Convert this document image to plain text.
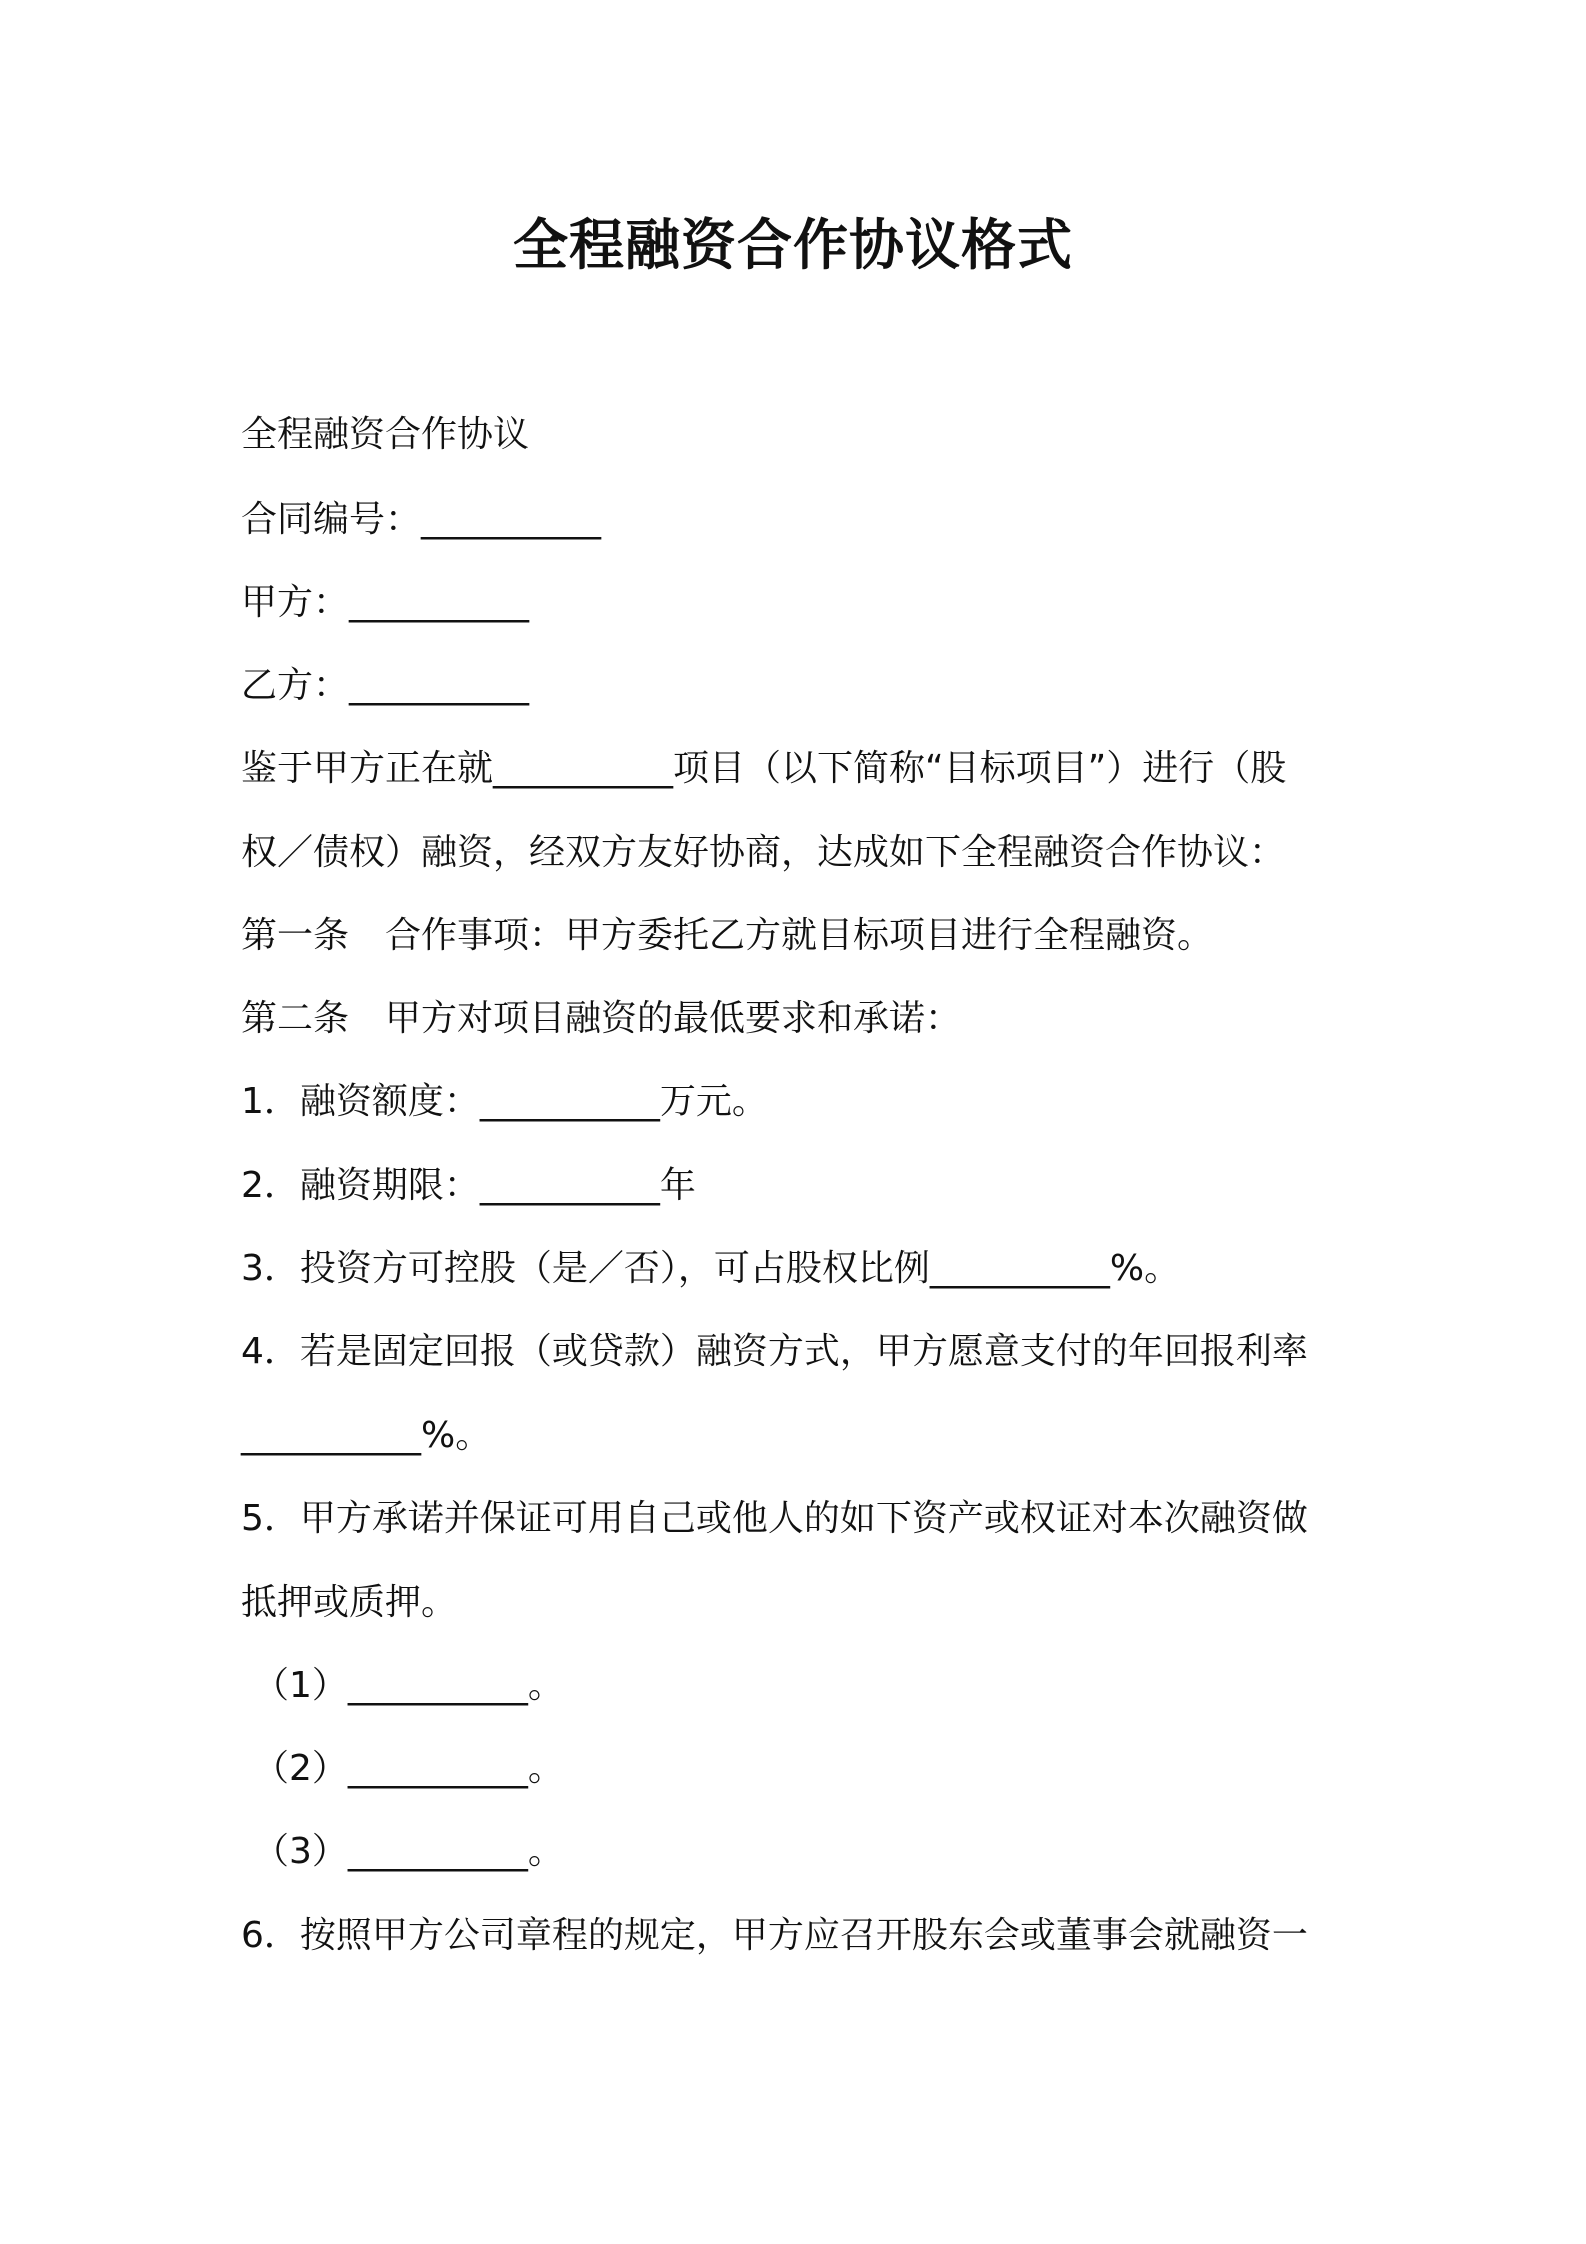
全程融资合作协议格式
全程融资合作协议
合同编号：__________
甲方：__________
乙方：__________
鉴于甲方正在就__________项目（以下简称“目标项目”）进行（股
权／债权）融资，经双方友好协商，达成如下全程融资合作协议：
第一条　合作事项：甲方委托乙方就目标项目进行全程融资。
第二条　甲方对项目融资的最低要求和承诺：
1．融资额度：__________万元。
2．融资期限：__________年
3．投资方可控股（是／否），可占股权比例__________%。
4．若是固定回报（或贷款）融资方式，甲方愿意支付的年回报利率
__________%。
5．甲方承诺并保证可用自己或他人的如下资产或权证对本次融资做
抵押或质押。
（1）__________。
（2）__________。
（3）__________。
6．按照甲方公司章程的规定，甲方应召开股东会或董事会就融资一
